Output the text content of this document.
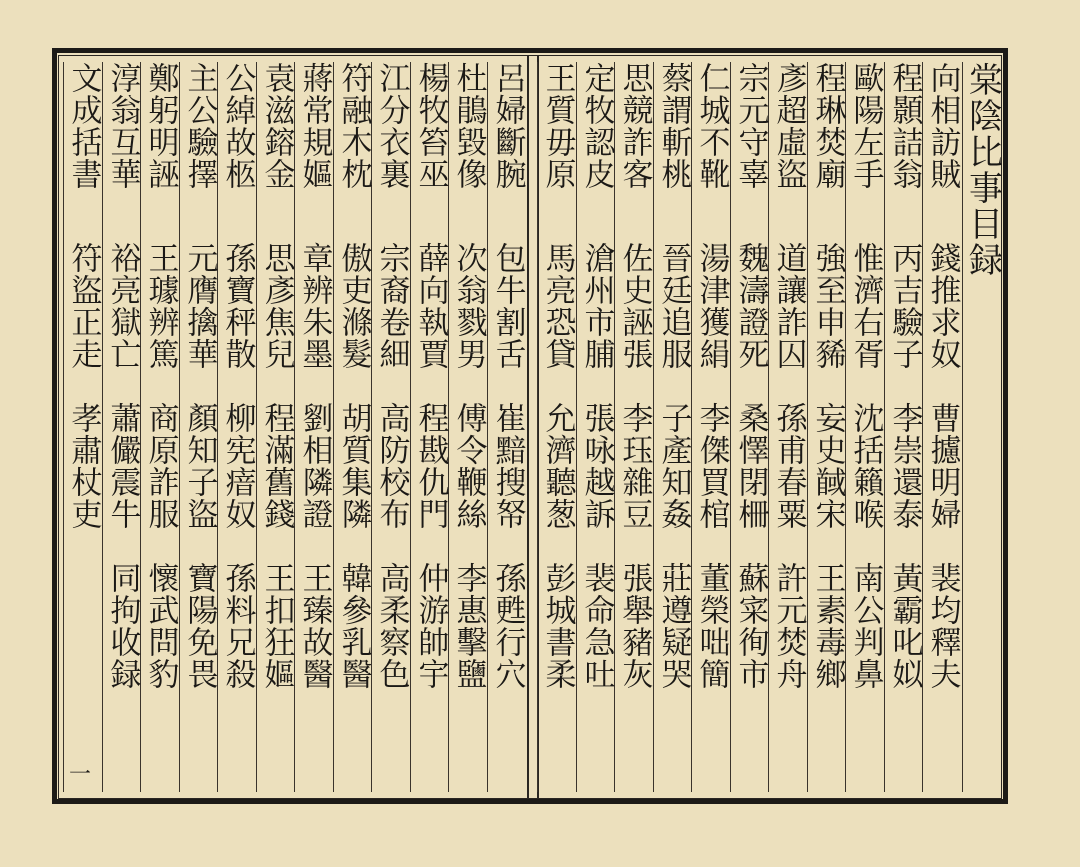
棠陰比事目録
向相訪賊
錢推求奴
曹攄明婦
裴均釋夫
程顥詰翁
丙吉驗子
李崇還泰
黃霸叱姒
歐陽左手
惟濟右胥
沈括籟喉
南公判鼻
程琳焚廟
強至申豨
妄史馘宋
王素毒鄉
彥超虛盜
道讓詐囚
孫甫春粟
許元焚舟
宗元守辜
魏濤證死
桑懌閉柵
蘇寀徇市
仁城不靴
湯津獲絹
李傑買棺
董榮咄簡
蔡謂斬桃
晉廷追服
子產知姦
莊遵疑哭
思競詐客
佐史誣張
李珏雜豆
張舉豬灰
定牧認皮
滄州市脯
張咏越訴
裴命急吐
王質毋原
馬亮恐貸
允濟聽葱
彭城書柔
呂婦斷腕
包牛割舌
崔黯搜帑
孫甦行穴
杜鵑毀像
次翁戮男
傅令鞭絲
李惠擊鹽
楊牧笞巫
薛向執賈
程戡仇門
仲游帥宇
江分衣裏
宗裔卷細
高防校布
高柔察色
符融木枕
傲吏滌髮
胡質集隣
韓參乳醫
蔣常規嫗
章辨朱墨
劉相隣證
王臻故醫
袁滋鎔金
思彥焦兒
程滿舊錢
王扣狂嫗
公綽故柩
孫寶秤散
柳宪瘖奴
孫料兄殺
主公驗擇
元膺擒華
顏知子盜
寶陽免畏
鄭躬明誣
王璩辨篤
商原詐服
懷武問豹
淳翁互華
裕亮獄亡
蕭儼震牛
同拘收録
文成括書
符盜正走
孝肅杖吏
一
